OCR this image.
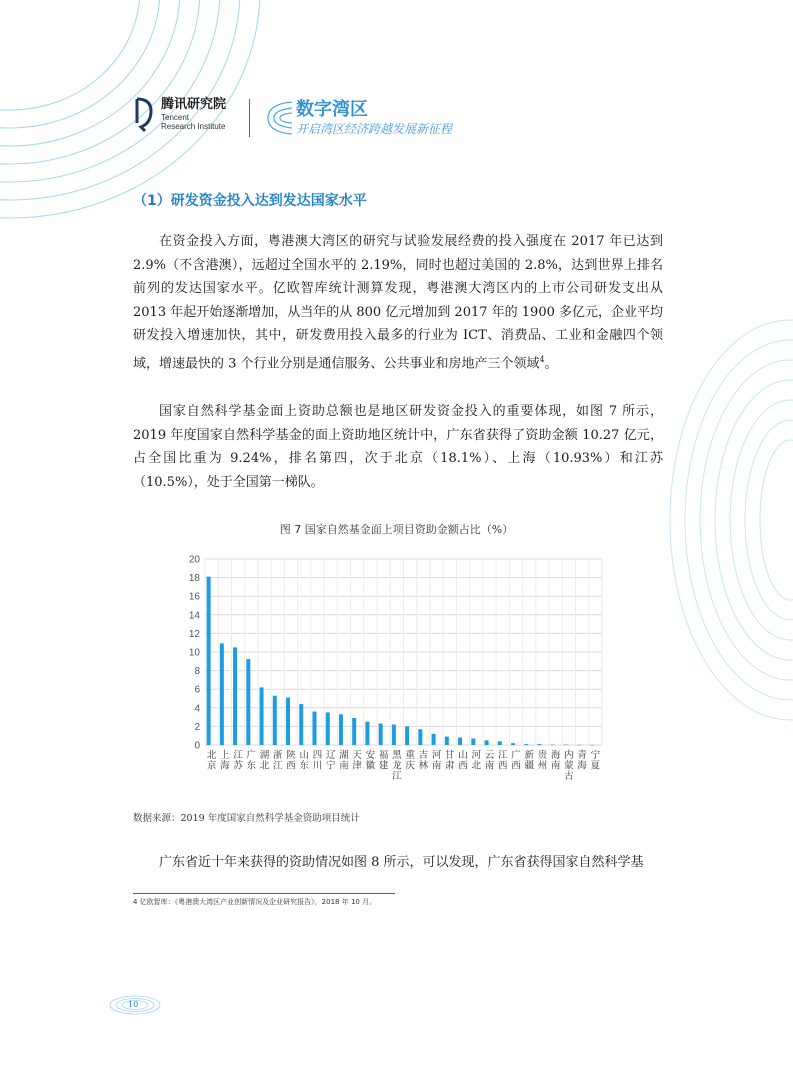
腾讯研究院
Tencent
Research Institute
数字湾区
开启湾区经济跨越发展新征程
（1）研发资金投入达到发达国家水平

在资金投入方面，粤港澳大湾区的研究与试验发展经费的投入强度在 2017 年已达到 2.9%（不含港澳），远超过全国水平的 2.19%，同时也超过美国的 2.8%，达到世界上排名前列的发达国家水平。亿欧智库统计测算发现，粤港澳大湾区内的上市公司研发支出从 2013 年起开始逐渐增加，从当年的从 800 亿元增加到 2017 年的 1900 多亿元，企业平均研发投入增速加快，其中，研发费用投入最多的行业为 ICT、消费品、工业和金融四个领域，增速最快的 3 个行业分别是通信服务、公共事业和房地产三个领域$^4$。

国家自然科学基金面上资助总额也是地区研发资金投入的重要体现，如图 7 所示，2019 年度国家自然科学基金的面上资助地区统计中，广东省获得了资助金额 10.27 亿元，占全国比重为 9.24%，排名第四，次于北京（18.1%）、上海（10.93%）和江苏（10.5%），处于全国第一梯队。

图 7 国家自然基金面上项目资助金额占比（%）
0
2
4
6
8
10
12
14
16
18
20
北京
上海
江苏
广东
湖北
浙江
陕西
山东
四川
辽宁
湖南
天津
安徽
福建
黑龙江
重庆
吉林
河南
甘肃
山西
河北
云南
江西
广西
新疆
贵州
海南
内蒙古
青海
宁夏
数据来源：2019 年度国家自然科学基金资助项目统计

广东省近十年来获得的资助情况如图 8 所示，可以发现，广东省获得国家自然科学基

4 亿欧智库：《粤港澳大湾区产业创新情况及企业研究报告》，2018 年 10 月。
10
